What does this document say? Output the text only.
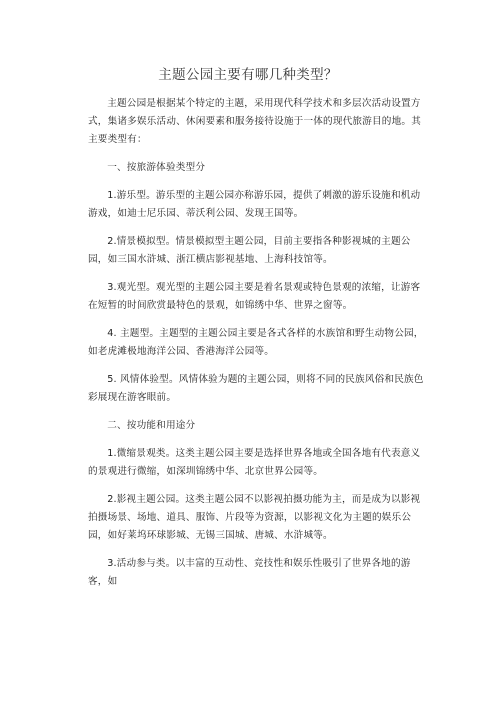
主题公园主要有哪几种类型？

主题公园是根据某个特定的主题，采用现代科学技术和多层次活动设置方式，集诸多娱乐活动、休闲要素和服务接待设施于一体的现代旅游目的地。其主要类型有：

一、按旅游体验类型分

1.游乐型。游乐型的主题公园亦称游乐园，提供了刺激的游乐设施和机动游戏，如迪士尼乐园、蒂沃利公园、发现王国等。

2.情景模拟型。情景模拟型主题公园，目前主要指各种影视城的主题公园，如三国水浒城、浙江横店影视基地、上海科技馆等。

3.观光型。观光型的主题公园主要是着名景观或特色景观的浓缩，让游客在短暂的时间欣赏最特色的景观，如锦绣中华、世界之窗等。

4. 主题型。主题型的主题公园主要是各式各样的水族馆和野生动物公园，如老虎滩极地海洋公园、香港海洋公园等。

5. 风情体验型。风情体验为题的主题公园，则将不同的民族风俗和民族色彩展现在游客眼前。

二、按功能和用途分

1.微缩景观类。这类主题公园主要是选择世界各地或全国各地有代表意义的景观进行微缩，如深圳锦绣中华、北京世界公园等。

2.影视主题公园。这类主题公园不以影视拍摄功能为主，而是成为以影视拍摄场景、场地、道具、服饰、片段等为资源，以影视文化为主题的娱乐公园，如好莱坞环球影城、无锡三国城、唐城、水浒城等。

3.活动参与类。以丰富的互动性、竞技性和娱乐性吸引了世界各地的游客，如
